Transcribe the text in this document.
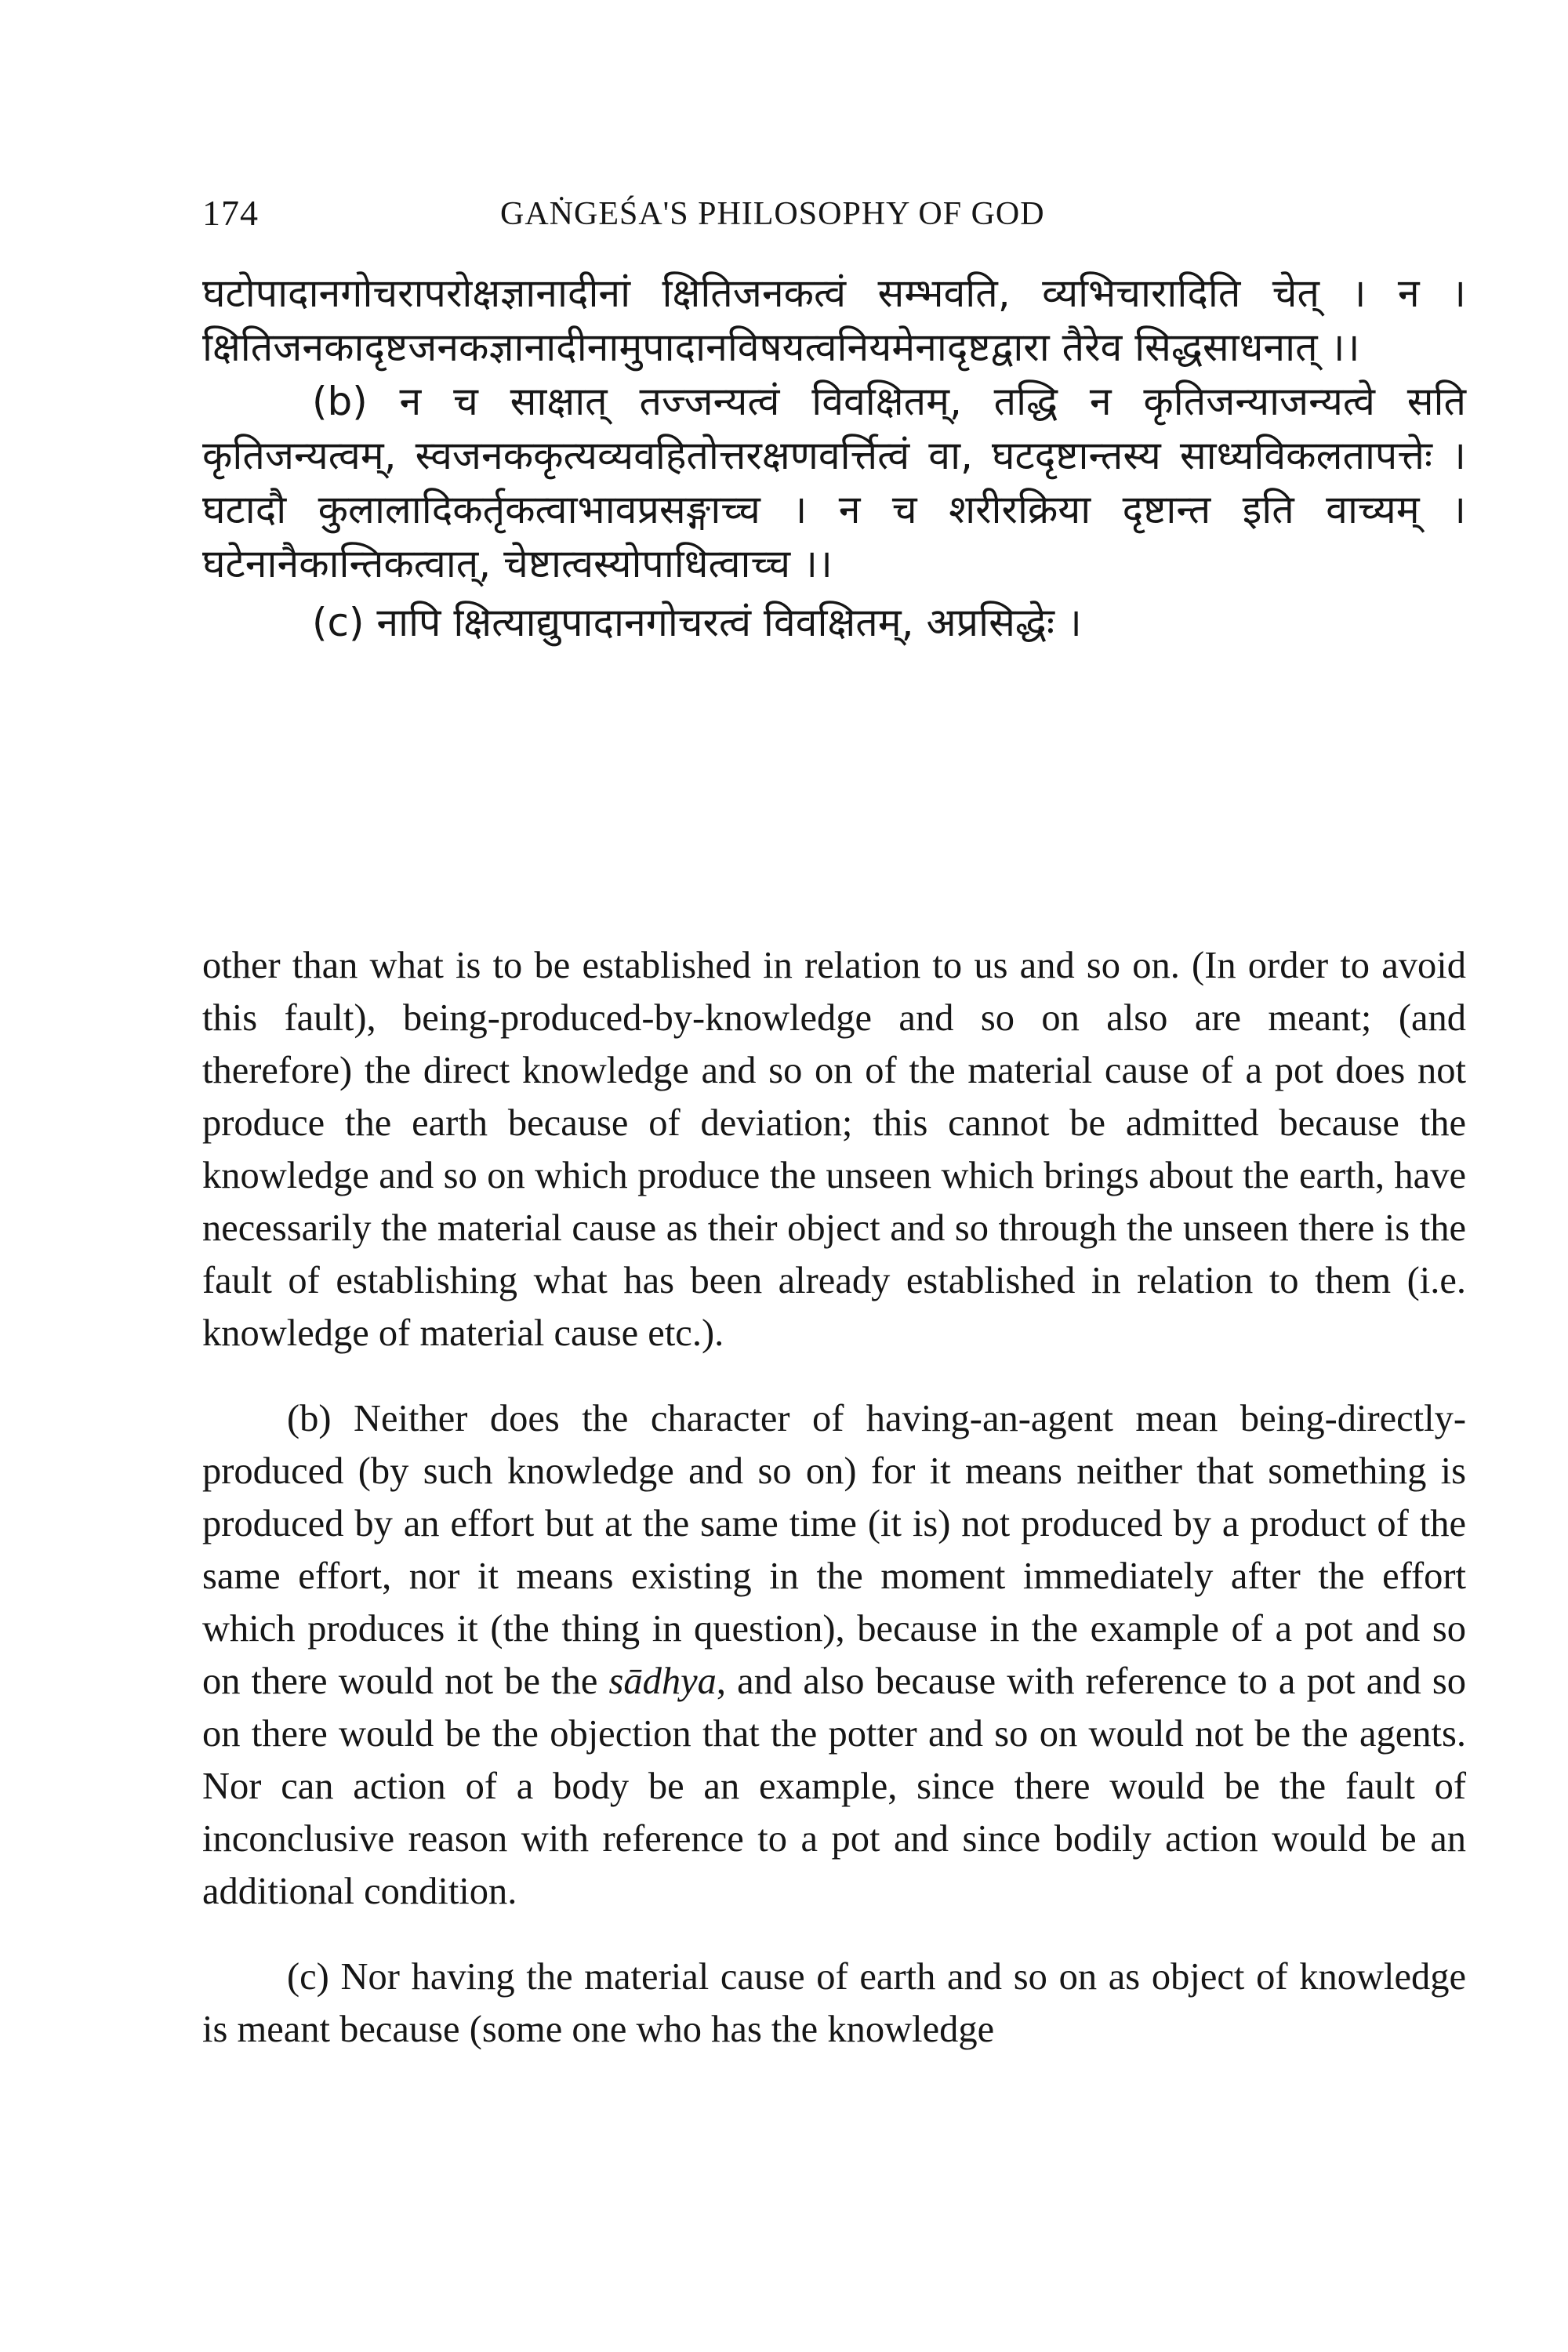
174	GAṄGEŚA'S PHILOSOPHY OF GOD

घटोपादानगोचरापरोक्षज्ञानादीनां क्षितिजनकत्वं सम्भवति, व्यभिचारादिति चेत् । न । क्षितिजनकादृष्टजनकज्ञानादीनामुपादानविषयत्वनियमेनादृष्टद्वारा तैरेव सिद्धसाधनात् ।।

(b) न च साक्षात् तज्जन्यत्वं विवक्षितम्, तद्धि न कृतिजन्याजन्यत्वे सति कृतिजन्यत्वम्, स्वजनककृत्यव्यवहितोत्तरक्षणवर्त्तित्वं वा, घटदृष्टान्तस्य साध्यविकलतापत्तेः । घटादौ कुलालादिकर्तृकत्वाभावप्रसङ्गाच्च । न च शरीरक्रिया दृष्टान्त इति वाच्यम् । घटेनानैकान्तिकत्वात्, चेष्टात्वस्योपाधित्वाच्च ।।

(c) नापि क्षित्याद्युपादानगोचरत्वं विवक्षितम्, अप्रसिद्धेः ।

other than what is to be established in relation to us and so on. (In order to avoid this fault), being-produced-by-knowledge and so on also are meant; (and therefore) the direct knowledge and so on of the material cause of a pot does not produce the earth because of deviation; this cannot be admitted because the knowledge and so on which produce the unseen which brings about the earth, have necessarily the material cause as their object and so through the unseen there is the fault of establishing what has been already established in relation to them (i.e. knowledge of material cause etc.).

(b) Neither does the character of having-an-agent mean being-directly-produced (by such knowledge and so on) for it means neither that something is produced by an effort but at the same time (it is) not produced by a product of the same effort, nor it means existing in the moment immediately after the effort which produces it (the thing in question), because in the example of a pot and so on there would not be the sādhya, and also because with reference to a pot and so on there would be the objection that the potter and so on would not be the agents. Nor can action of a body be an example, since there would be the fault of inconclusive reason with reference to a pot and since bodily action would be an additional condition.

(c) Nor having the material cause of earth and so on as object of knowledge is meant because (some one who has the knowledge
